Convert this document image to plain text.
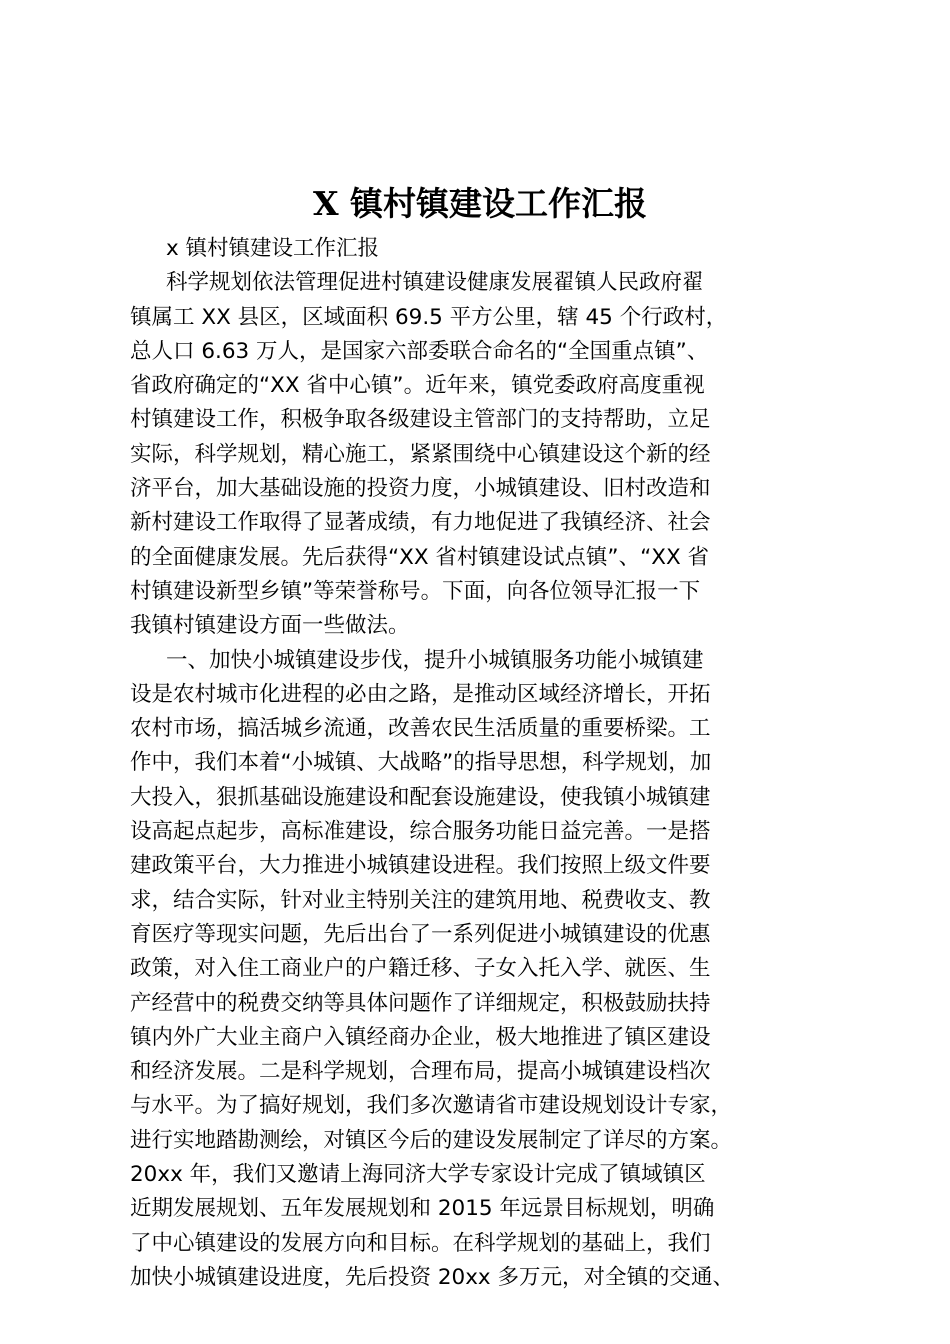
X 镇村镇建设工作汇报
x 镇村镇建设工作汇报
科学规划依法管理促进村镇建设健康发展翟镇人民政府翟
镇属工 XX 县区，区域面积 69.5 平方公里，辖 45 个行政村，
总人口 6.63 万人，是国家六部委联合命名的“全国重点镇”、
省政府确定的“XX 省中心镇”。近年来，镇党委政府高度重视
村镇建设工作，积极争取各级建设主管部门的支持帮助，立足
实际，科学规划，精心施工，紧紧围绕中心镇建设这个新的经
济平台，加大基础设施的投资力度，小城镇建设、旧村改造和
新村建设工作取得了显著成绩，有力地促进了我镇经济、社会
的全面健康发展。先后获得“XX 省村镇建设试点镇”、“XX 省
村镇建设新型乡镇”等荣誉称号。下面，向各位领导汇报一下
我镇村镇建设方面一些做法。
一、加快小城镇建设步伐，提升小城镇服务功能小城镇建
设是农村城市化进程的必由之路，是推动区域经济增长，开拓
农村市场，搞活城乡流通，改善农民生活质量的重要桥梁。工
作中，我们本着“小城镇、大战略”的指导思想，科学规划，加
大投入，狠抓基础设施建设和配套设施建设，使我镇小城镇建
设高起点起步，高标准建设，综合服务功能日益完善。一是搭
建政策平台，大力推进小城镇建设进程。我们按照上级文件要
求，结合实际，针对业主特别关注的建筑用地、税费收支、教
育医疗等现实问题，先后出台了一系列促进小城镇建设的优惠
政策，对入住工商业户的户籍迁移、子女入托入学、就医、生
产经营中的税费交纳等具体问题作了详细规定，积极鼓励扶持
镇内外广大业主商户入镇经商办企业，极大地推进了镇区建设
和经济发展。二是科学规划，合理布局，提高小城镇建设档次
与水平。为了搞好规划，我们多次邀请省市建设规划设计专家，
进行实地踏勘测绘，对镇区今后的建设发展制定了详尽的方案。
20xx 年，我们又邀请上海同济大学专家设计完成了镇域镇区
近期发展规划、五年发展规划和 2015 年远景目标规划，明确
了中心镇建设的发展方向和目标。在科学规划的基础上，我们
加快小城镇建设进度，先后投资 20xx 多万元，对全镇的交通、
